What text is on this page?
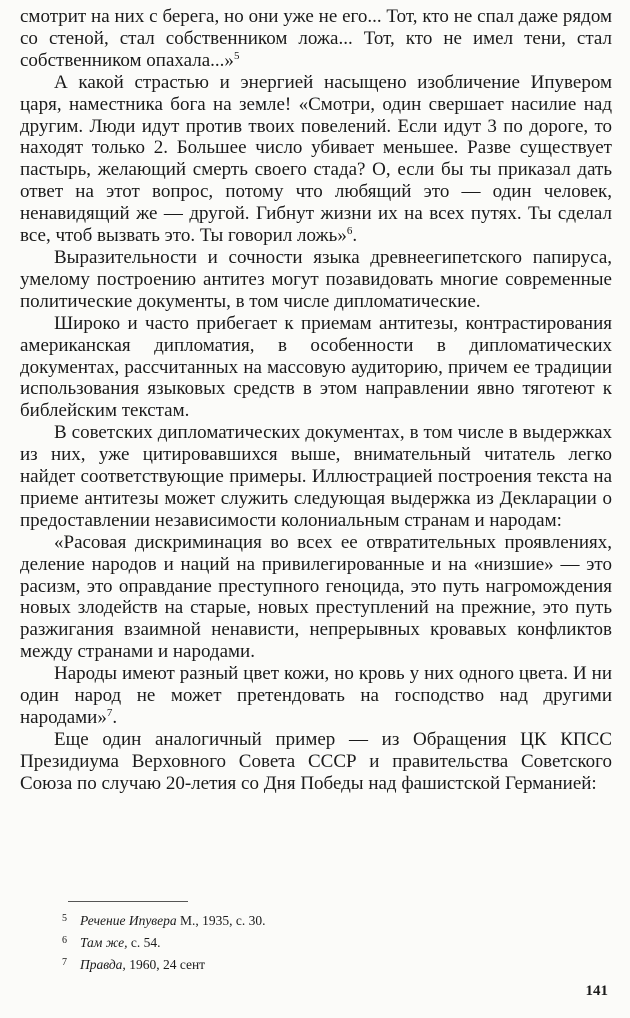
смотрит на них с берега, но они уже не его... Тот, кто не спал даже рядом со стеной, стал собственником ложа... Тот, кто не имел тени, стал собственником опахала...»$^5$

А какой страстью и энергией насыщено изобличение Ипувером царя, наместника бога на земле! «Смотри, один свершает насилие над другим. Люди идут против твоих повелений. Если идут 3 по дороге, то находят только 2. Большее число убивает меньшее. Разве существует пастырь, желающий смерть своего стада? О, если бы ты приказал дать ответ на этот вопрос, потому что любящий это — один человек, ненавидящий же — другой. Гибнут жизни их на всех путях. Ты сделал все, чтоб вызвать это. Ты говорил ложь»$^6$.

Выразительности и сочности языка древнеегипетского папируса, умелому построению антитез могут позавидовать многие современные политические документы, в том числе дипломатические.

Широко и часто прибегает к приемам антитезы, контрастирования американская дипломатия, в особенности в дипломатических документах, рассчитанных на массовую аудиторию, причем ее традиции использования языковых средств в этом направлении явно тяготеют к библейским текстам.

В советских дипломатических документах, в том числе в выдержках из них, уже цитировавшихся выше, внимательный читатель легко найдет соответствующие примеры. Иллюстрацией построения текста на приеме антитезы может служить следующая выдержка из Декларации о предоставлении независимости колониальным странам и народам:

«Расовая дискриминация во всех ее отвратительных проявлениях, деление народов и наций на привилегированные и на «низшие» — это расизм, это оправдание преступного геноцида, это путь нагромождения новых злодейств на старые, новых преступлений на прежние, это путь разжигания взаимной ненависти, непрерывных кровавых конфликтов между странами и народами.

Народы имеют разный цвет кожи, но кровь у них одного цвета. И ни один народ не может претендовать на господство над другими народами»$^7$.

Еще один аналогичный пример — из Обращения ЦК КПСС Президиума Верховного Совета СССР и правительства Советского Союза по случаю 20-летия со Дня Победы над фашистской Германией:

5 Речение Ипувера М., 1935, с. 30.
6 Там же, с. 54.
7 Правда, 1960, 24 сент
141
